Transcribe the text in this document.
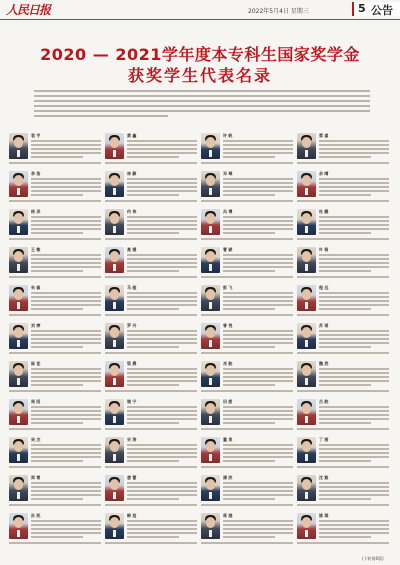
人民日报	2022年5月4日 星期三	5 公告
2020 — 2021学年度本专科生国家奖学金
获奖学生代表名录
袁 宇
李 浩
杨 洋
王 敏
朱 磊
刘 婷
陈 佳
周 阳
吴 杰
郑 雪
孙 凯
黄 鑫
林 静
何 伟
高 媛
马 超
罗 丹
梁 晨
谢 宁
宋 涛
唐 蕾
韩 旭
许 帆
邓 琳
冯 博
曹 颖
彭 飞
曾 悦
肖 航
田 甜
董 昊
潘 欣
蒋 越
蔡 睿
余 晴
杜 鹏
叶 萌
程 远
苏 瑶
魏 然
吕 航
丁 茜
沈 毅
姚 琪
(下转第6版)
